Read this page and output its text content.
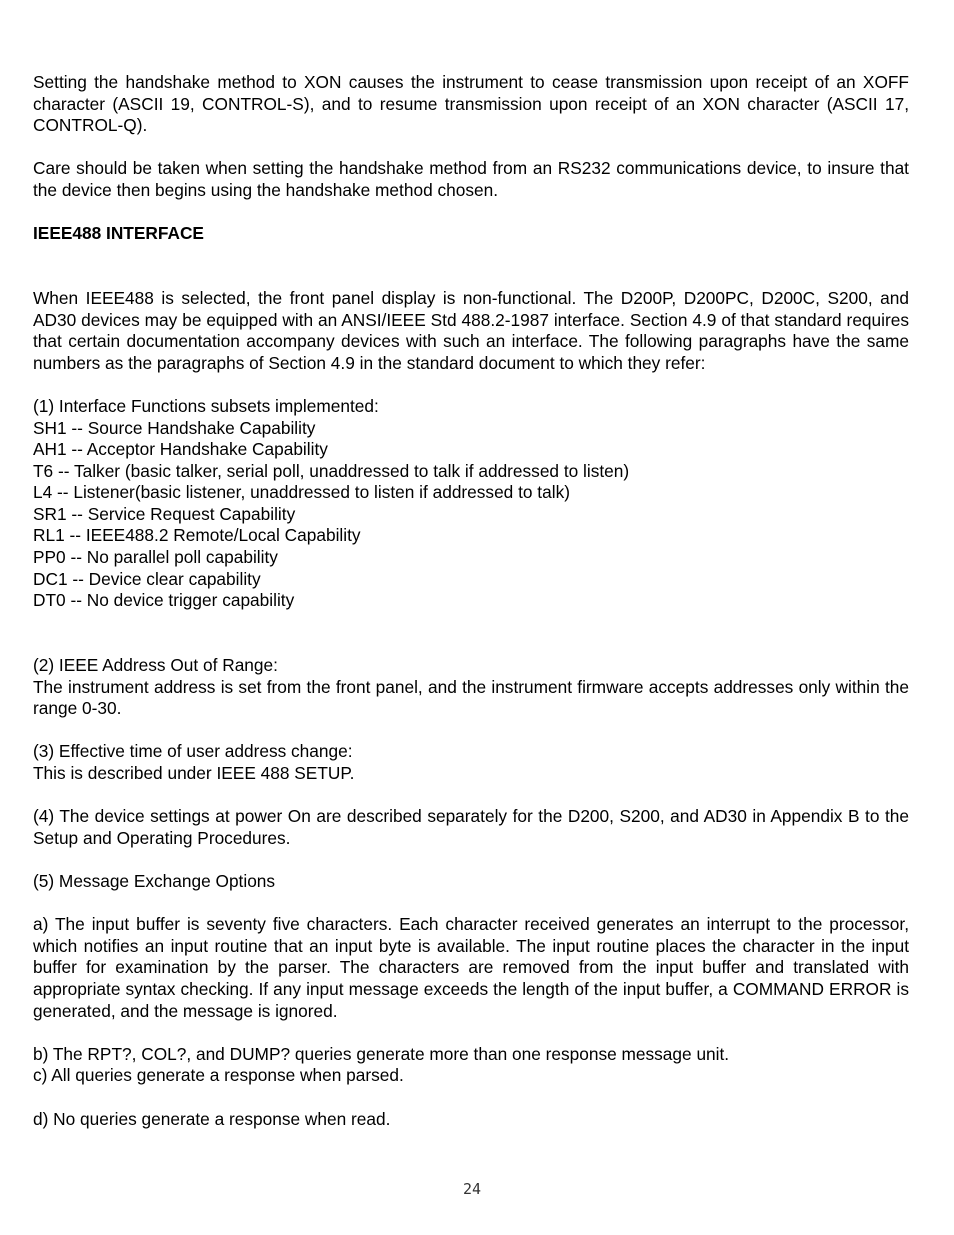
Setting the handshake method to XON causes the instrument to cease transmission upon receipt of an XOFF character (ASCII 19, CONTROL-S), and to resume transmission upon receipt of an XON character (ASCII 17, CONTROL-Q).

Care should be taken when setting the handshake method from an RS232 communications device, to insure that the device then begins using the handshake method chosen.

IEEE488 INTERFACE

When IEEE488 is selected, the front panel display is non-functional. The D200P, D200PC, D200C, S200, and AD30 devices may be equipped with an ANSI/IEEE Std 488.2-1987 interface. Section 4.9 of that standard requires that certain documentation accompany devices with such an interface. The following paragraphs have the same numbers as the paragraphs of Section 4.9 in the standard document to which they refer:

(1) Interface Functions subsets implemented:

SH1 -- Source Handshake Capability

AH1 -- Acceptor Handshake Capability

T6 -- Talker (basic talker, serial poll, unaddressed to talk if addressed to listen)

L4 -- Listener(basic listener, unaddressed to listen if addressed to talk)

SR1 -- Service Request Capability

RL1 -- IEEE488.2 Remote/Local Capability

PP0 -- No parallel poll capability

DC1 -- Device clear capability

DT0 -- No device trigger capability

(2) IEEE Address Out of Range:

The instrument address is set from the front panel, and the instrument firmware accepts addresses only within the range 0-30.

(3) Effective time of user address change:

This is described under IEEE 488 SETUP.

(4) The device settings at power On are described separately for the D200, S200, and AD30 in Appendix B to the Setup and Operating Procedures.

(5) Message Exchange Options

a) The input buffer is seventy five characters. Each character received generates an interrupt to the processor, which notifies an input routine that an input byte is available. The input routine places the character in the input buffer for examination by the parser. The characters are removed from the input buffer and translated with appropriate syntax checking. If any input message exceeds the length of the input buffer, a COMMAND ERROR is generated, and the message is ignored.

b) The RPT?, COL?, and DUMP? queries generate more than one response message unit.

c) All queries generate a response when parsed.

d) No queries generate a response when read.

24
